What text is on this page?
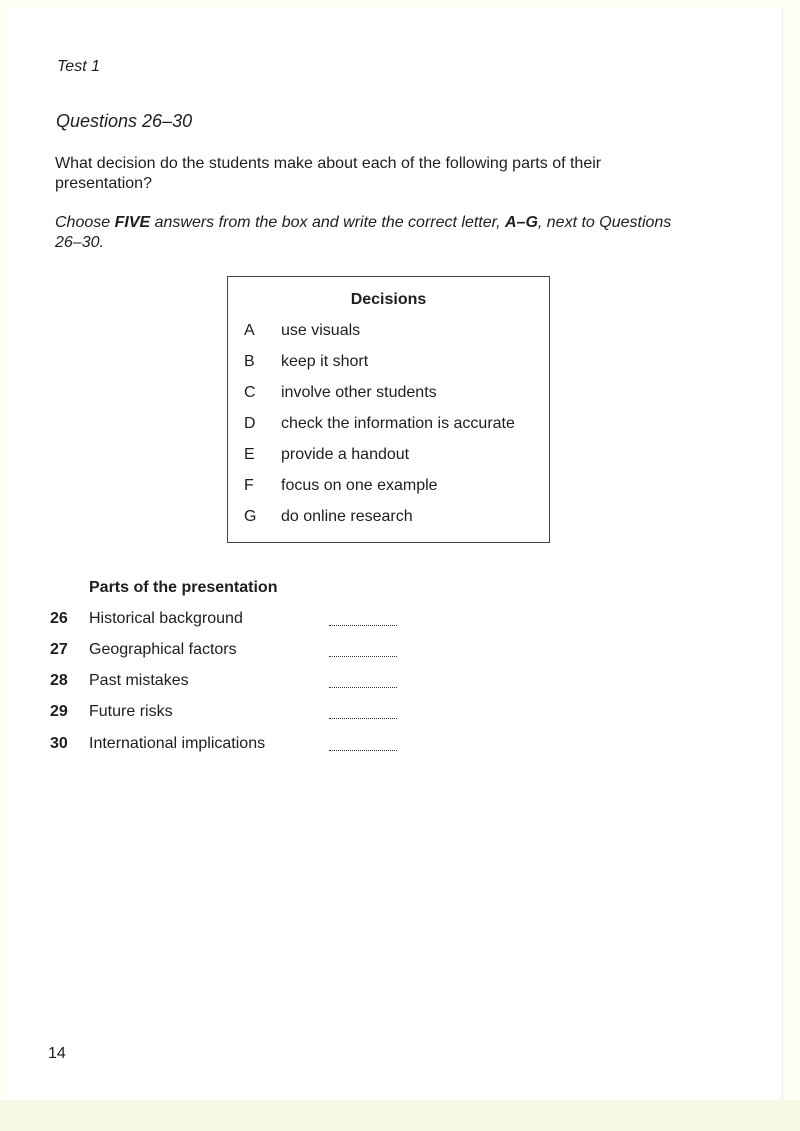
Test 1
Questions 26–30
What decision do the students make about each of the following parts of their presentation?
Choose FIVE answers from the box and write the correct letter, A–G, next to Questions 26–30.
Decisions
A use visuals
B keep it short
C involve other students
D check the information is accurate
E provide a handout
F focus on one example
G do online research
Parts of the presentation
26 Historical background
27 Geographical factors
28 Past mistakes
29 Future risks
30 International implications
14
